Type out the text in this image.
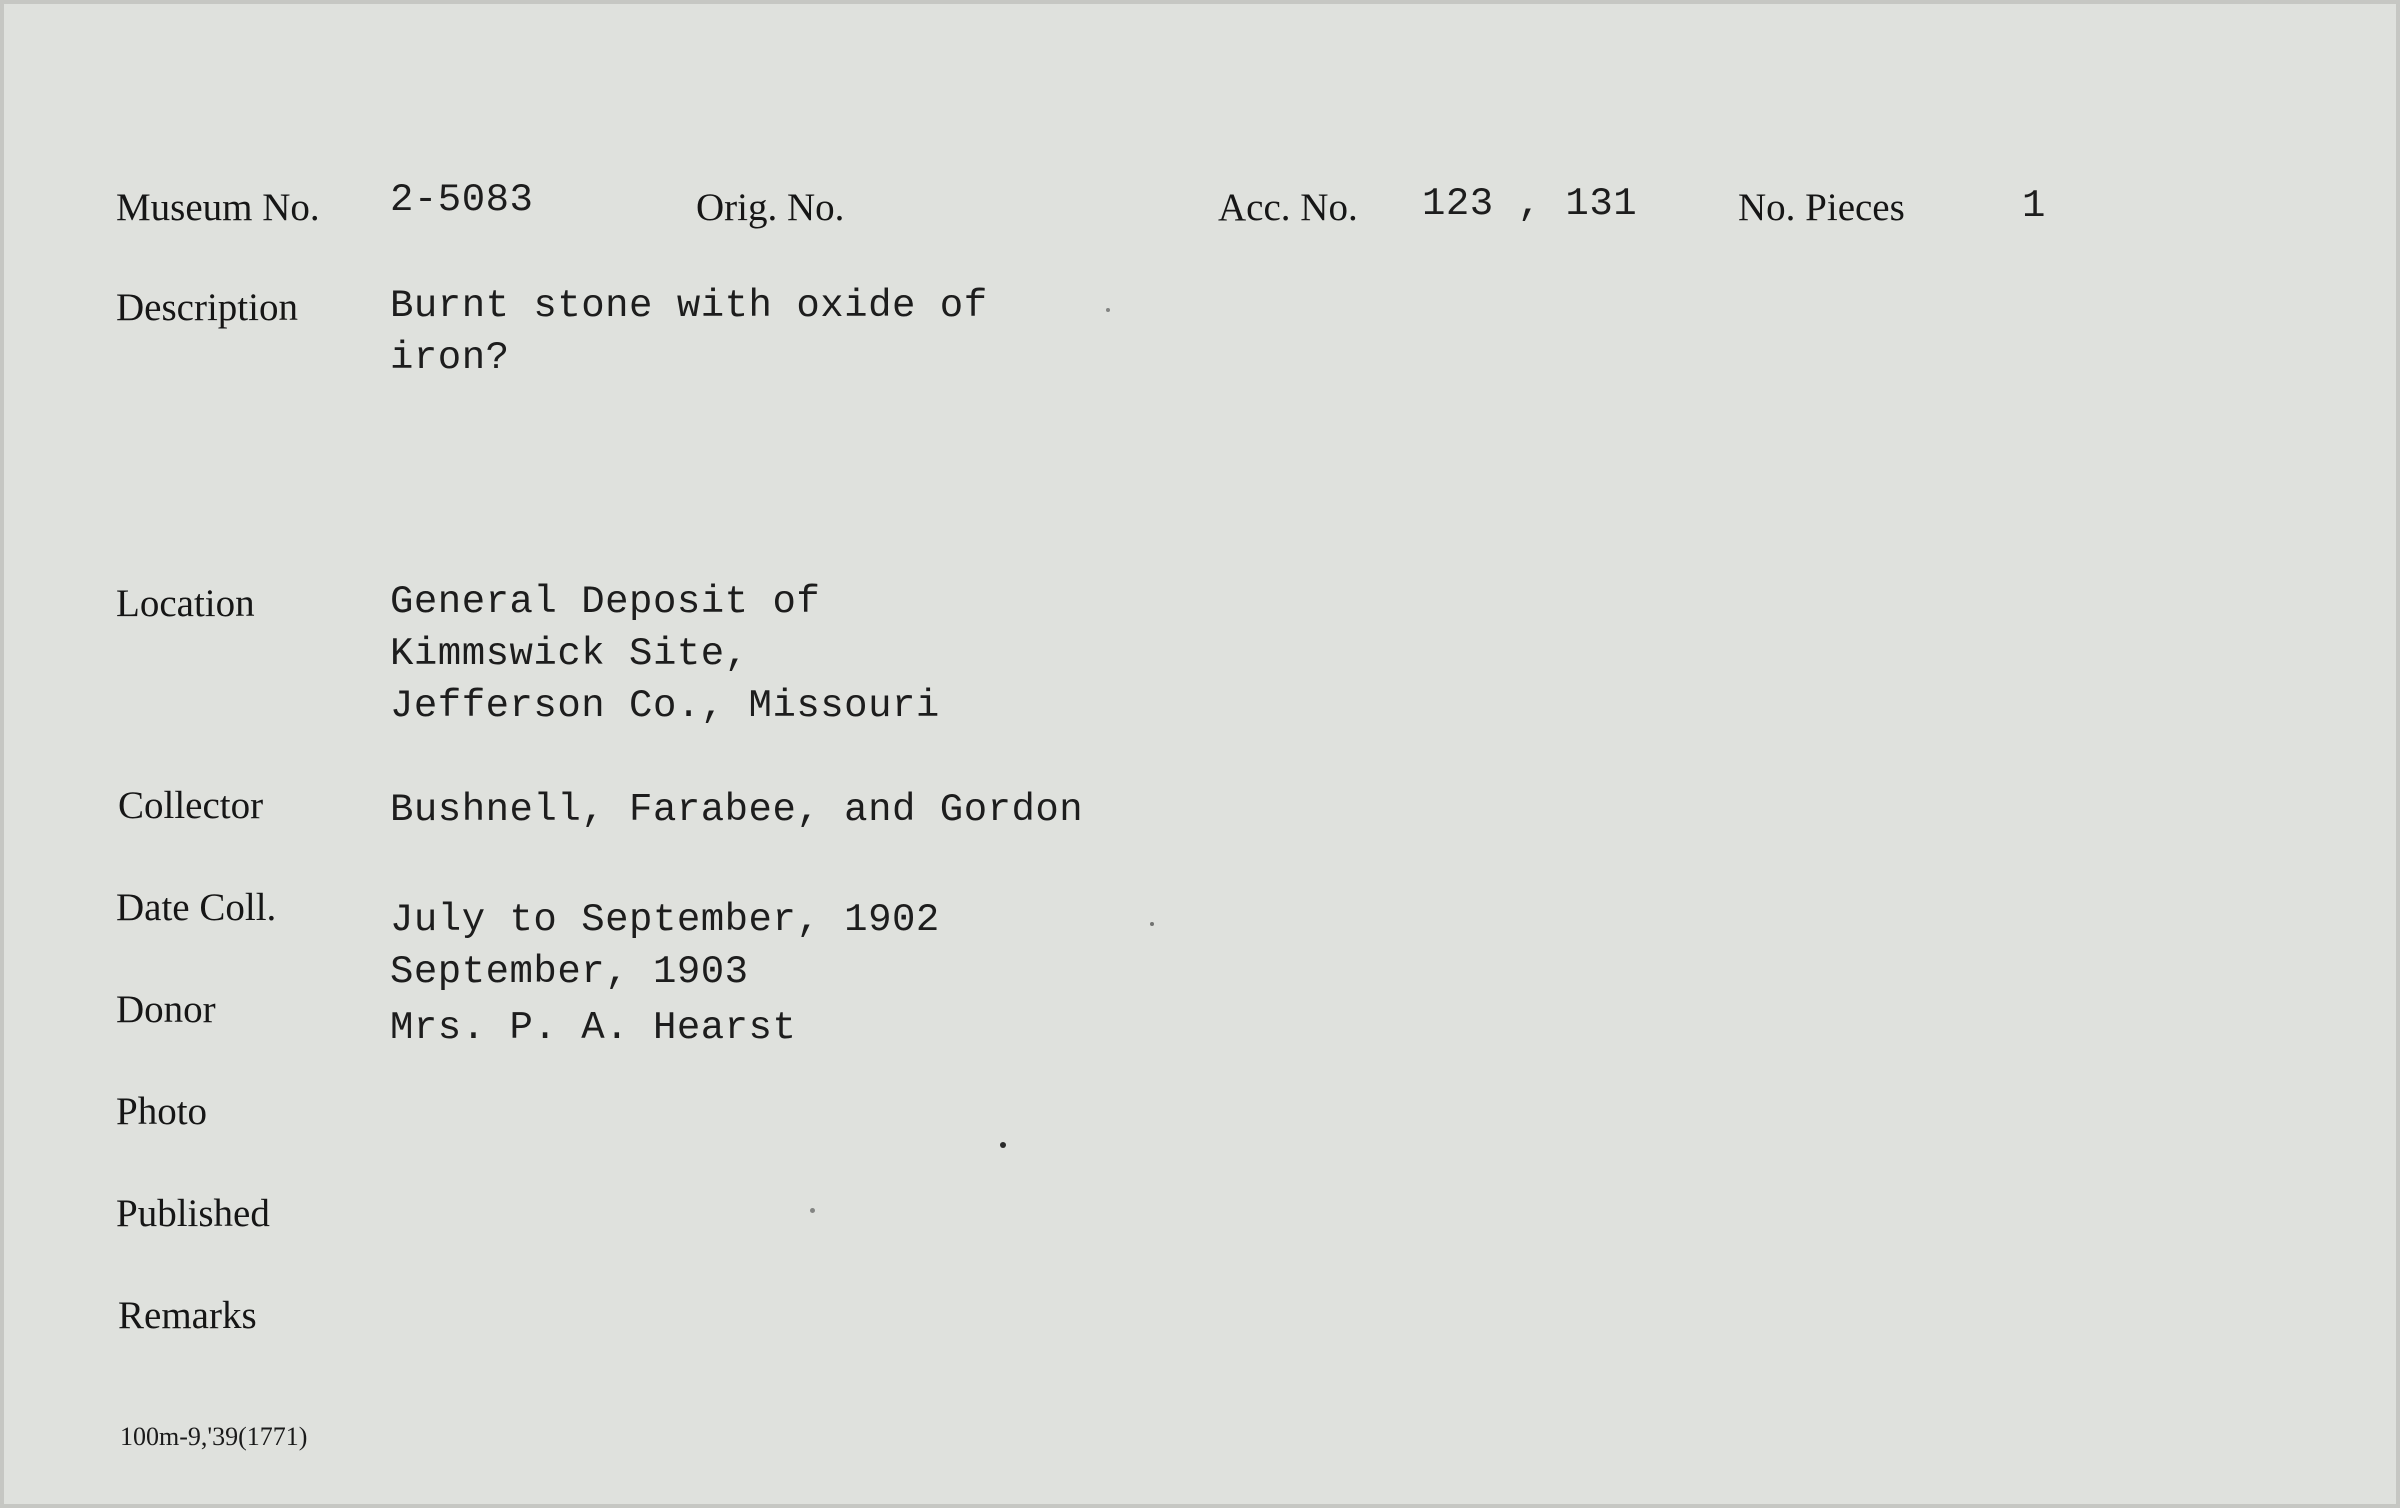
Museum No. 2-5083	Orig. No.	Acc. No. 123 , 131	No. Pieces	1
Description Burnt stone with oxide of
iron?
Location	General Deposit of
Kimmswick Site,
Jefferson Co., Missouri
Collector	Bushnell, Farabee, and Gordon
Date Coll.	July to September, 1902
September, 1903
Donor	Mrs. P. A. Hearst
Photo
Published
Remarks
100m-9,'39(1771)
